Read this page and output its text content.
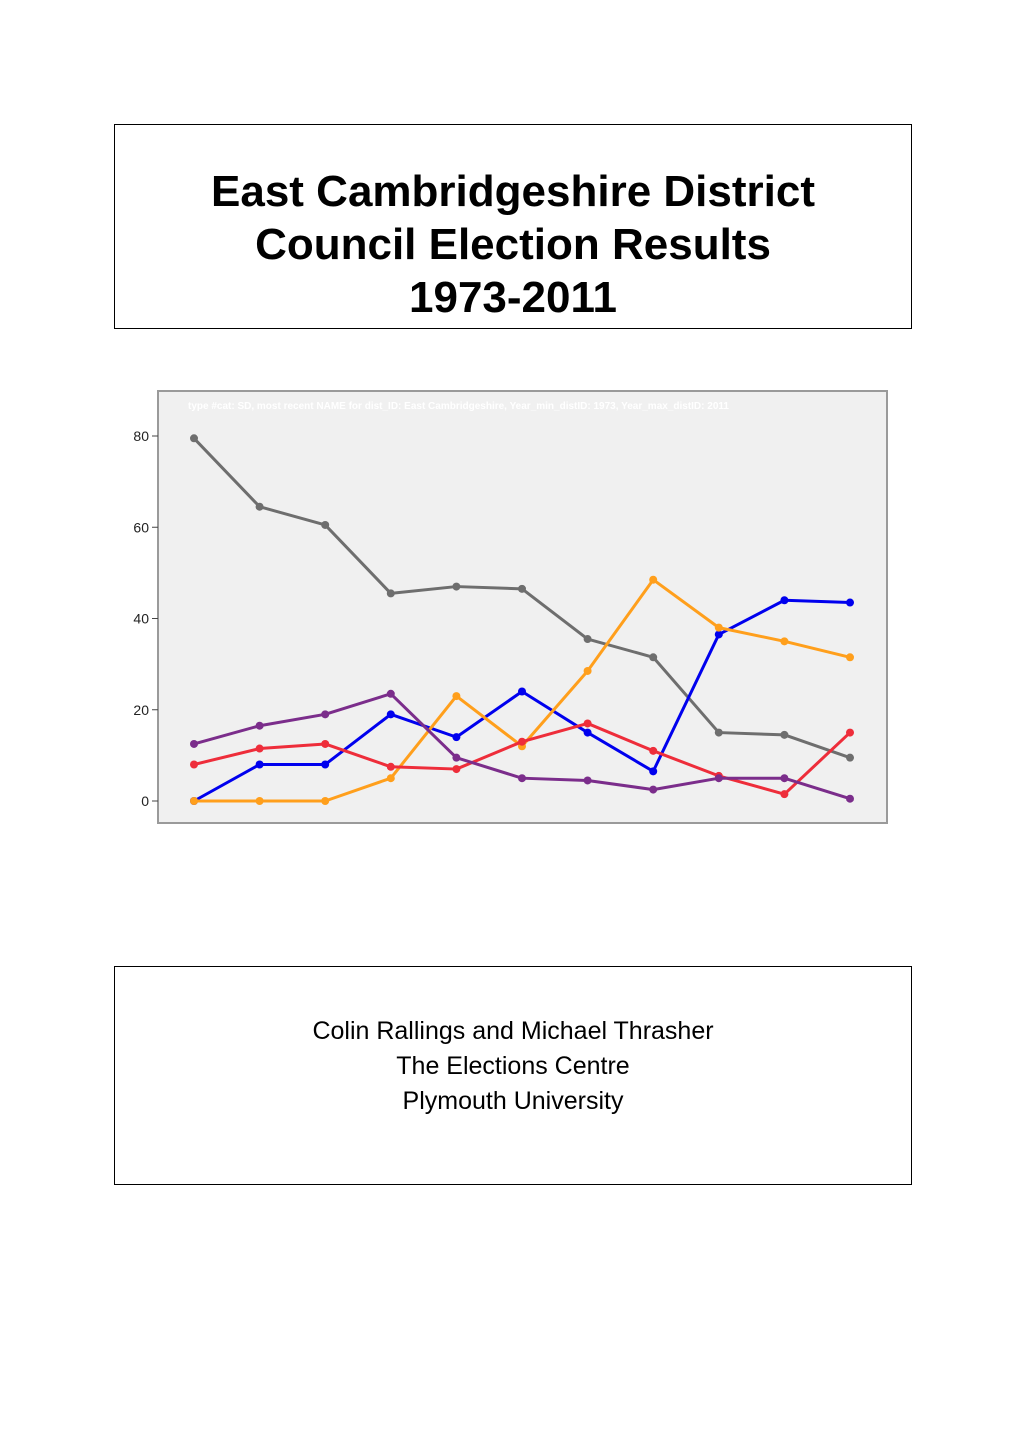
East Cambridgeshire District
Council Election Results
1973-2011
type #cat: SD, most recent NAME for dist_ID: East Cambridgeshire, Year_min_distID: 1973, Year_max_distID: 2011
0
20
40
60
80
Colin Rallings and Michael Thrasher
The Elections Centre
Plymouth University
